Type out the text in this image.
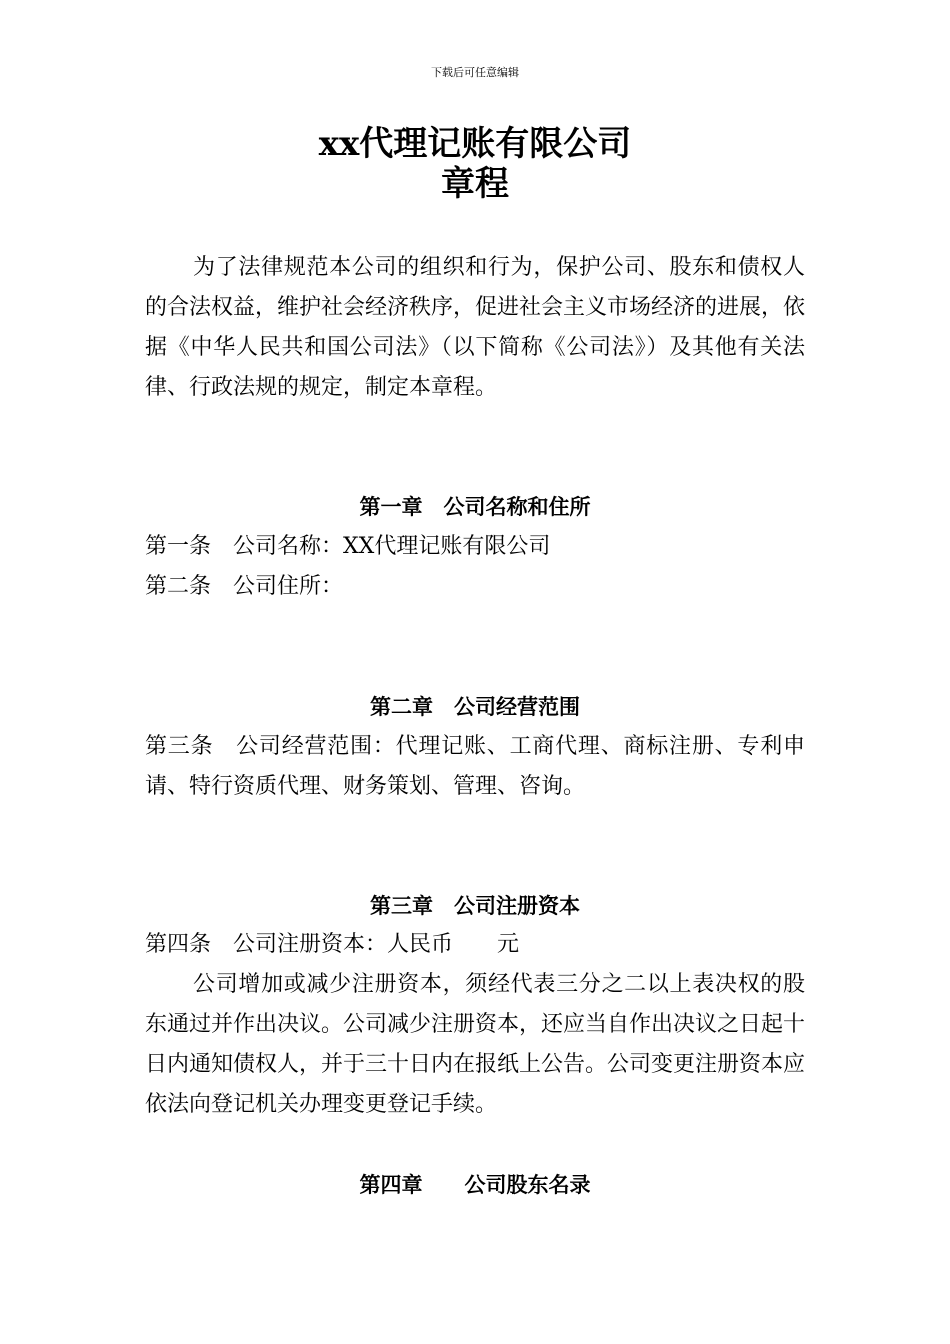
下载后可任意编辑
xx代理记账有限公司
章程

为了法律规范本公司的组织和行为，保护公司、股东和债权人的合法权益，维护社会经济秩序，促进社会主义市场经济的进展，依据《中华人民共和国公司法》（以下简称《公司法》）及其他有关法律、行政法规的规定，制定本章程。

第一章　公司名称和住所

第一条　公司名称：XX代理记账有限公司

第二条　公司住所：

第二章　公司经营范围

第三条　公司经营范围：代理记账、工商代理、商标注册、专利申请、特行资质代理、财务策划、管理、咨询。

第三章　公司注册资本

第四条　公司注册资本：人民币　　元

公司增加或减少注册资本，须经代表三分之二以上表决权的股东通过并作出决议。公司减少注册资本，还应当自作出决议之日起十日内通知债权人，并于三十日内在报纸上公告。公司变更注册资本应依法向登记机关办理变更登记手续。

第四章　　公司股东名录
